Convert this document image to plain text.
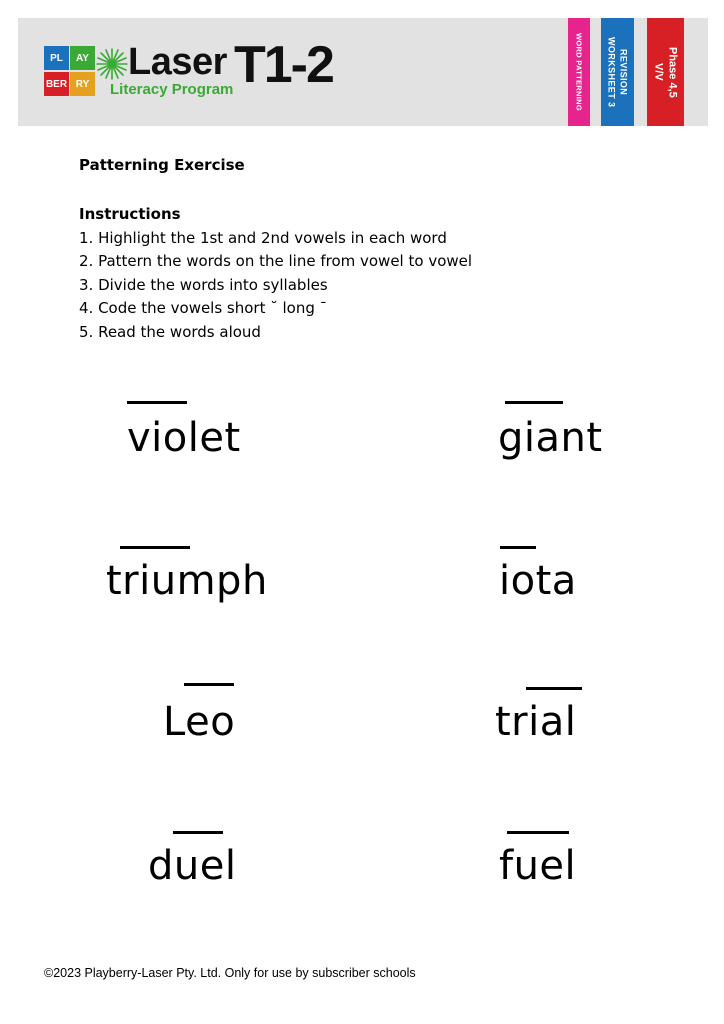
PL	AY
BER RY
Laser T1-2
Literacy Program	WORD PATTERNING	REVISION
WORKSHEET 3
Phase 4,5
V/V
Patterning Exercise
Instructions
1. Highlight the 1st and 2nd vowels in each word
2. Pattern the words on the line from vowel to vowel
3. Divide the words into syllables
4. Code the vowels short ˘ long ¯
5. Read the words aloud
violet	giant
triumph	iota
Leo	trial
duel	fuel
©2023 Playberry-Laser Pty. Ltd. Only for use by subscriber schools
